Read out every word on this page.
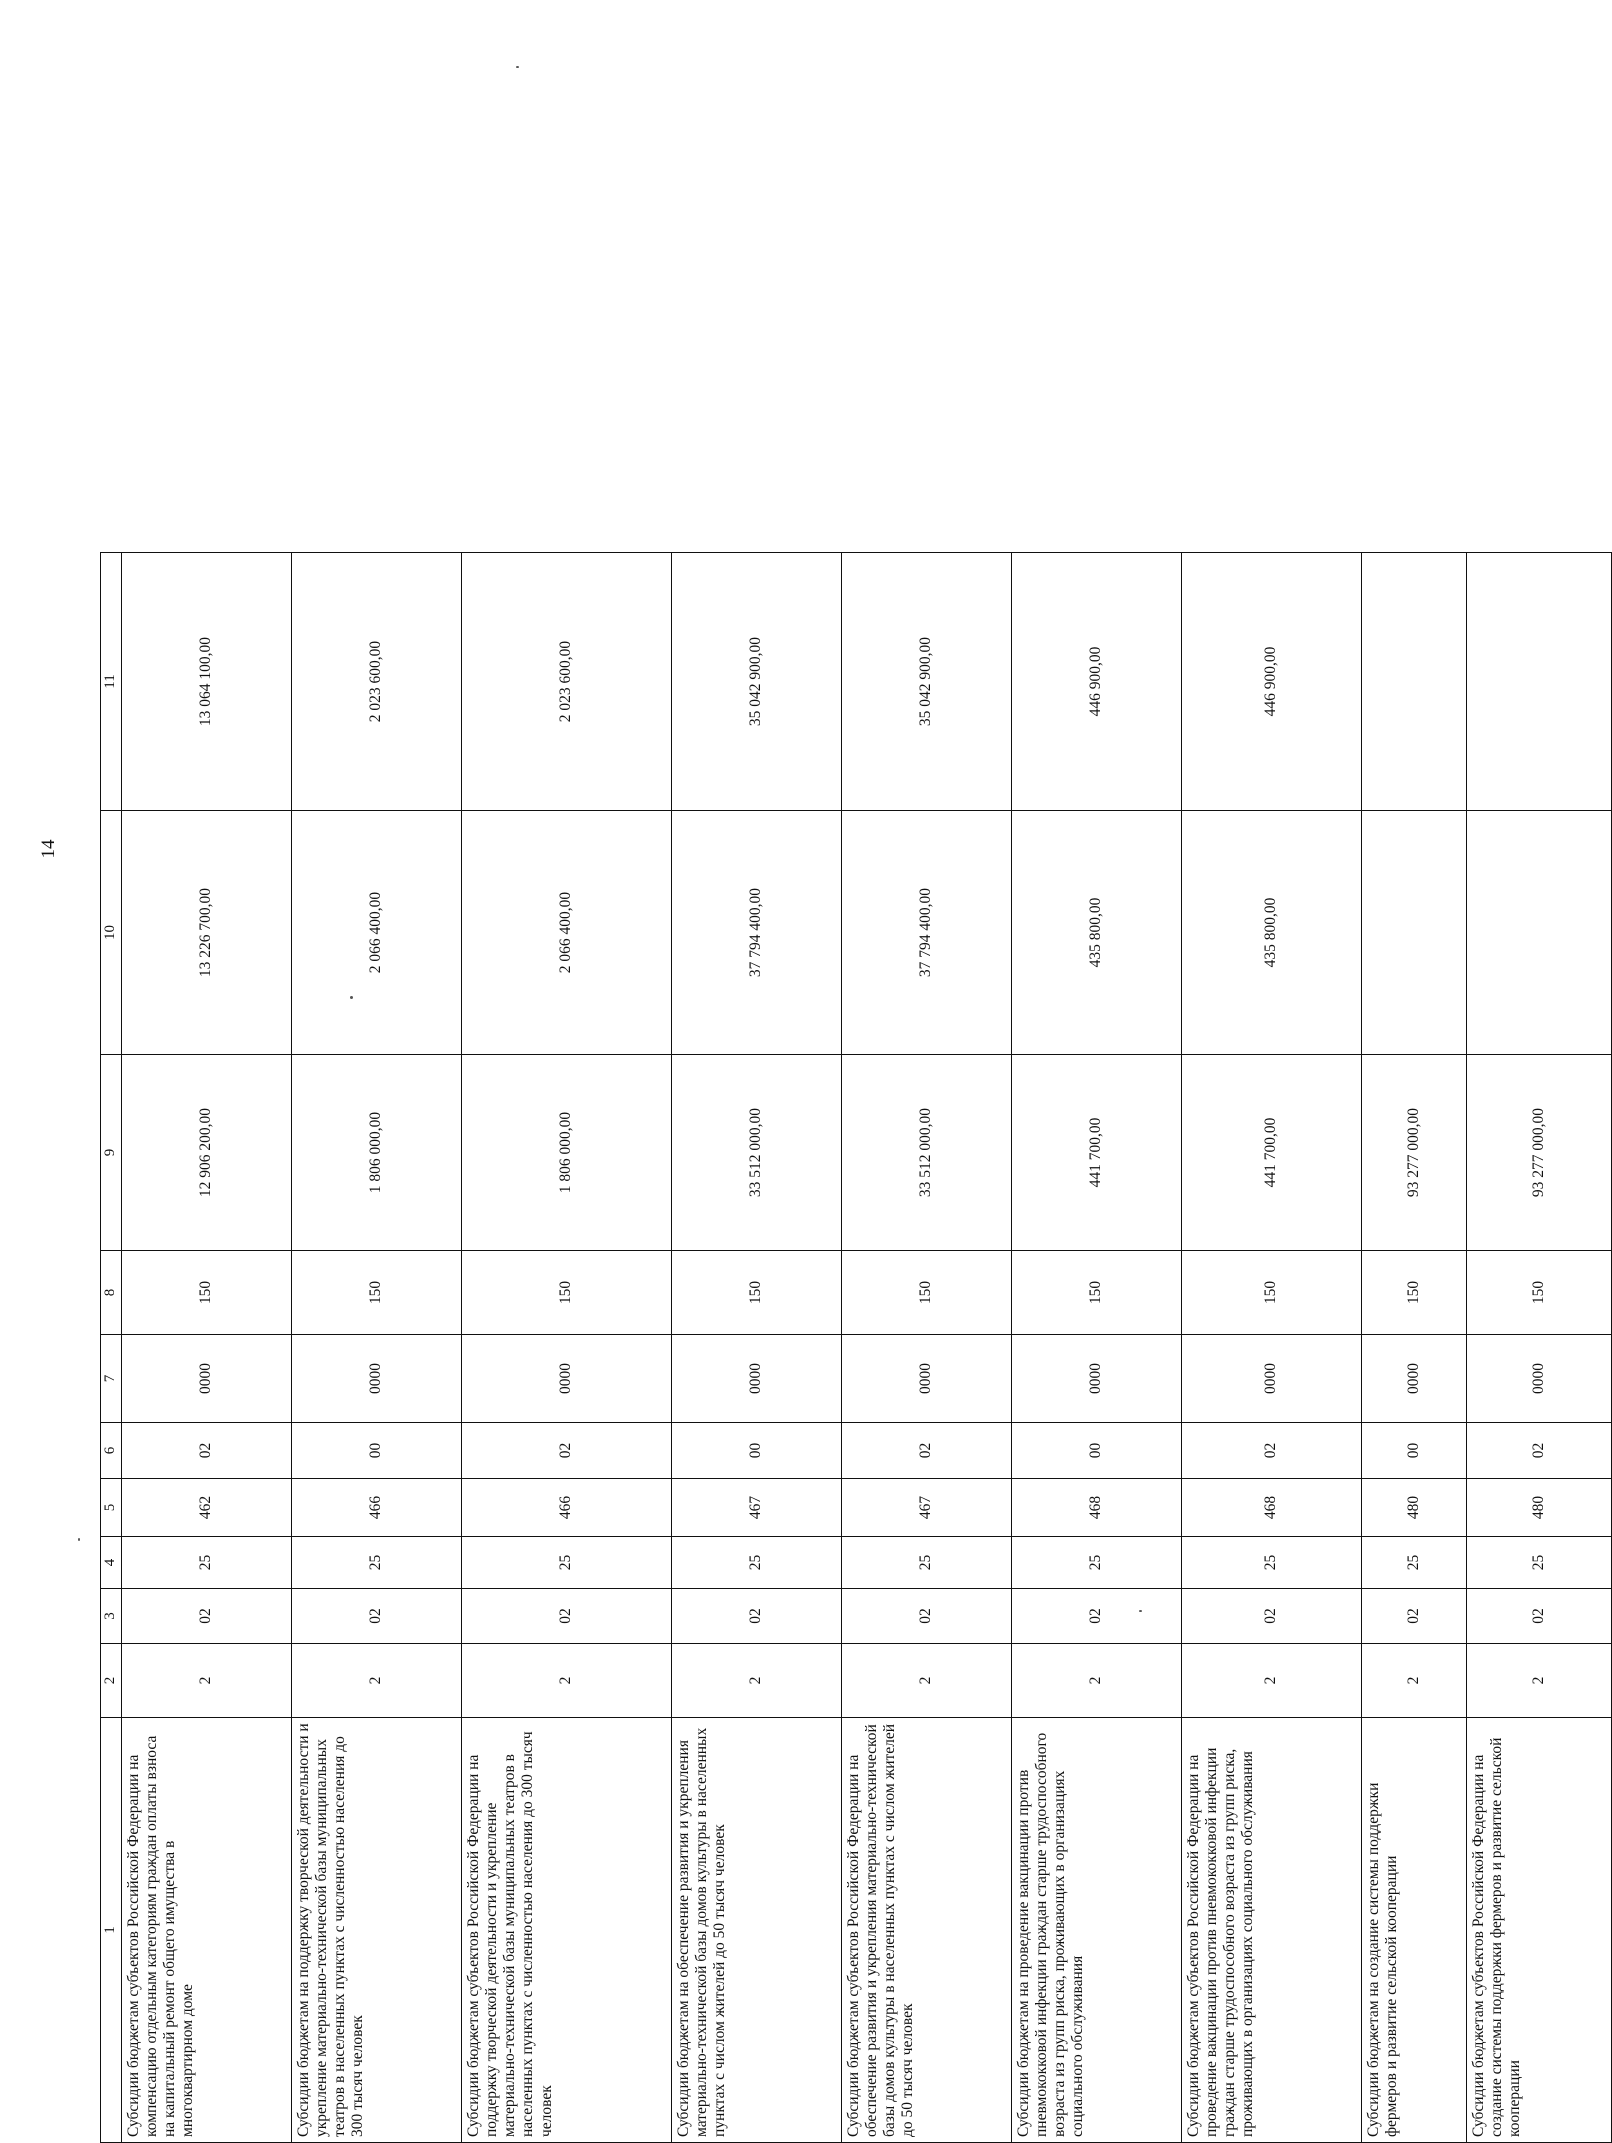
14
1	2	3	4	5	6	7	8	9	10	11
Субсидии бюджетам субъектов Российской Федерации на компенсацию отдельным категориям граждан оплаты взноса на капитальный ремонт общего имущества в многоквартирном доме	2	02	25	462	02	0000	150	12 906 200,00	13 226 700,00	13 064 100,00
Субсидии бюджетам на поддержку творческой деятельности и укрепление материально-технической базы муниципальных театров в населенных пунктах с численностью населения до 300 тысяч человек	2	02	25	466	00	0000	150	1 806 000,00	2 066 400,00	2 023 600,00
Субсидии бюджетам субъектов Российской Федерации на поддержку творческой деятельности и укрепление материально-технической базы муниципальных театров в населенных пунктах с численностью населения до 300 тысяч человек	2	02	25	466	02	0000	150	1 806 000,00	2 066 400,00	2 023 600,00
Субсидии бюджетам на обеспечение развития и укрепления материально-технической базы домов культуры в населенных пунктах с числом жителей до 50 тысяч человек	2	02	25	467	00	0000	150	33 512 000,00	37 794 400,00	35 042 900,00
Субсидии бюджетам субъектов Российской Федерации на обеспечение развития и укрепления материально-технической базы домов культуры в населенных пунктах с числом жителей до 50 тысяч человек	2	02	25	467	02	0000	150	33 512 000,00	37 794 400,00	35 042 900,00
Субсидии бюджетам на проведение вакцинации против пневмококковой инфекции граждан старше трудоспособного возраста из групп риска, проживающих в организациях социального обслуживания	2	02	25	468	00	0000	150	441 700,00	435 800,00	446 900,00
Субсидии бюджетам субъектов Российской Федерации на проведение вакцинации против пневмококковой инфекции граждан старше трудоспособного возраста из групп риска, проживающих в организациях социального обслуживания	2	02	25	468	02	0000	150	441 700,00	435 800,00	446 900,00
Субсидии бюджетам на создание системы поддержки фермеров и развитие сельской кооперации	2	02	25	480	00	0000	150	93 277 000,00		
Субсидии бюджетам субъектов Российской Федерации на создание системы поддержки фермеров и развитие сельской кооперации	2	02	25	480	02	0000	150	93 277 000,00		
